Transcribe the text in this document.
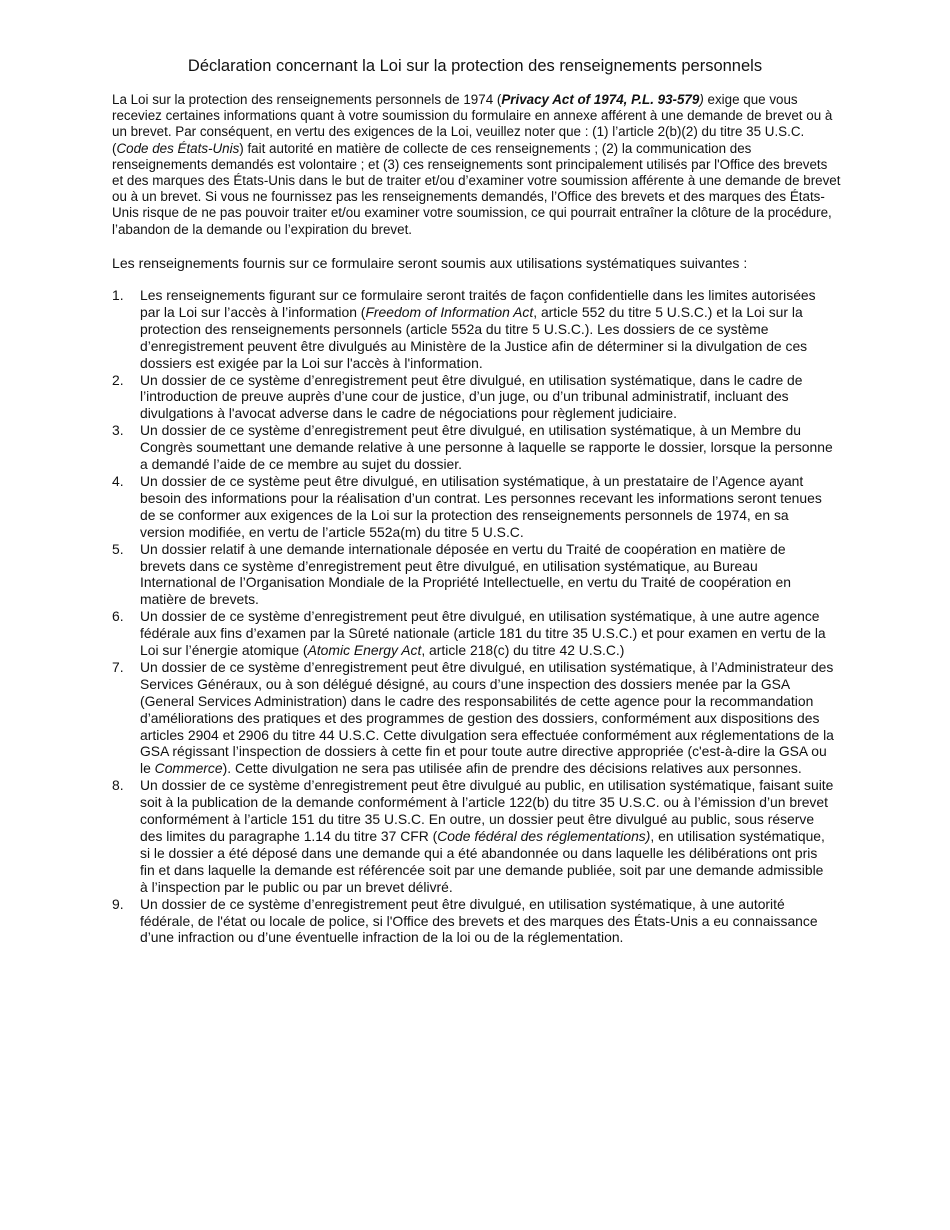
Déclaration concernant la Loi sur la protection des renseignements personnels

La Loi sur la protection des renseignements personnels de 1974 (Privacy Act of 1974, P.L. 93-579) exige que vous receviez certaines informations quant à votre soumission du formulaire en annexe afférent à une demande de brevet ou à un brevet. Par conséquent, en vertu des exigences de la Loi, veuillez noter que : (1) l’article 2(b)(2) du titre 35 U.S.C. (Code des États-Unis) fait autorité en matière de collecte de ces renseignements ; (2) la communication des renseignements demandés est volontaire ; et (3) ces renseignements sont principalement utilisés par l'Office des brevets et des marques des États-Unis dans le but de traiter et/ou d’examiner votre soumission afférente à une demande de brevet ou à un brevet. Si vous ne fournissez pas les renseignements demandés, l’Office des brevets et des marques des États-Unis risque de ne pas pouvoir traiter et/ou examiner votre soumission, ce qui pourrait entraîner la clôture de la procédure, l’abandon de la demande ou l’expiration du brevet.

Les renseignements fournis sur ce formulaire seront soumis aux utilisations systématiques suivantes :

1. Les renseignements figurant sur ce formulaire seront traités de façon confidentielle dans les limites autorisées par la Loi sur l’accès à l’information (Freedom of Information Act, article 552 du titre 5 U.S.C.) et la Loi sur la protection des renseignements personnels (article 552a du titre 5 U.S.C.). Les dossiers de ce système d’enregistrement peuvent être divulgués au Ministère de la Justice afin de déterminer si la divulgation de ces dossiers est exigée par la Loi sur l'accès à l'information.
2. Un dossier de ce système d’enregistrement peut être divulgué, en utilisation systématique, dans le cadre de l’introduction de preuve auprès d’une cour de justice, d’un juge, ou d’un tribunal administratif, incluant des divulgations à l'avocat adverse dans le cadre de négociations pour règlement judiciaire.
3. Un dossier de ce système d’enregistrement peut être divulgué, en utilisation systématique, à un Membre du Congrès soumettant une demande relative à une personne à laquelle se rapporte le dossier, lorsque la personne a demandé l’aide de ce membre au sujet du dossier.
4. Un dossier de ce système peut être divulgué, en utilisation systématique, à un prestataire de l’Agence ayant besoin des informations pour la réalisation d’un contrat. Les personnes recevant les informations seront tenues de se conformer aux exigences de la Loi sur la protection des renseignements personnels de 1974, en sa version modifiée, en vertu de l’article 552a(m) du titre 5 U.S.C.
5. Un dossier relatif à une demande internationale déposée en vertu du Traité de coopération en matière de brevets dans ce système d’enregistrement peut être divulgué, en utilisation systématique, au Bureau International de l’Organisation Mondiale de la Propriété Intellectuelle, en vertu du Traité de coopération en matière de brevets.
6. Un dossier de ce système d’enregistrement peut être divulgué, en utilisation systématique, à une autre agence fédérale aux fins d’examen par la Sûreté nationale (article 181 du titre 35 U.S.C.) et pour examen en vertu de la Loi sur l’énergie atomique (Atomic Energy Act, article 218(c) du titre 42 U.S.C.)
7. Un dossier de ce système d’enregistrement peut être divulgué, en utilisation systématique, à l’Administrateur des Services Généraux, ou à son délégué désigné, au cours d’une inspection des dossiers menée par la GSA (General Services Administration) dans le cadre des responsabilités de cette agence pour la recommandation d’améliorations des pratiques et des programmes de gestion des dossiers, conformément aux dispositions des articles 2904 et 2906 du titre 44 U.S.C. Cette divulgation sera effectuée conformément aux réglementations de la GSA régissant l’inspection de dossiers à cette fin et pour toute autre directive appropriée (c'est-à-dire la GSA ou le Commerce). Cette divulgation ne sera pas utilisée afin de prendre des décisions relatives aux personnes.
8. Un dossier de ce système d’enregistrement peut être divulgué au public, en utilisation systématique, faisant suite soit à la publication de la demande conformément à l’article 122(b) du titre 35 U.S.C. ou à l’émission d’un brevet conformément à l’article 151 du titre 35 U.S.C. En outre, un dossier peut être divulgué au public, sous réserve des limites du paragraphe 1.14 du titre 37 CFR (Code fédéral des réglementations), en utilisation systématique, si le dossier a été déposé dans une demande qui a été abandonnée ou dans laquelle les délibérations ont pris fin et dans laquelle la demande est référencée soit par une demande publiée, soit par une demande admissible à l’inspection par le public ou par un brevet délivré.
9. Un dossier de ce système d’enregistrement peut être divulgué, en utilisation systématique, à une autorité fédérale, de l'état ou locale de police, si l'Office des brevets et des marques des États-Unis a eu connaissance d’une infraction ou d’une éventuelle infraction de la loi ou de la réglementation.
